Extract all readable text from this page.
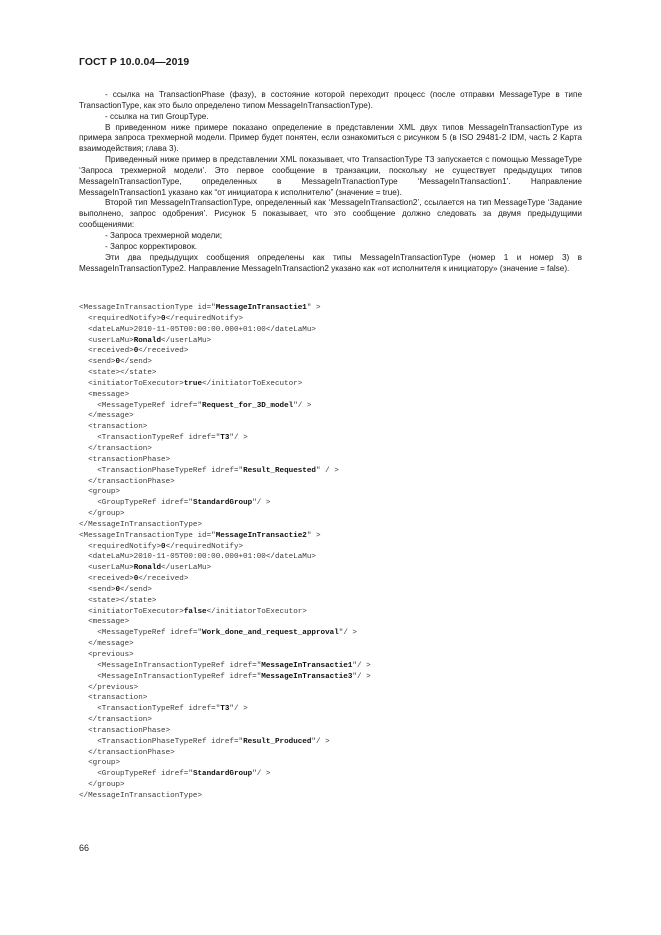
ГОСТ Р 10.0.04—2019

- ссылка на TransactionPhase (фазу), в состояние которой переходит процесс (после отправки MessageType в типе TransactionType, как это было определено типом MessageInTransactionType).

- ссылка на тип GroupType.

В приведенном ниже примере показано определение в представлении XML двух типов MessageInTransactionType из примера запроса трехмерной модели. Пример будет понятен, если ознакомиться с рисунком 5 (в ISO 29481-2 IDM, часть 2 Карта взаимодействия; глава 3).

Приведенный ниже пример в представлении XML показывает, что TransactionType T3 запускается с помощью MessageType ‘Запроса трехмерной модели’. Это первое сообщение в транзакции, поскольку не существует предыдущих типов MessageInTransactionType, определенных в MessageInTranactionType ‘MessageInTransaction1’. Направление MessageInTransaction1 указано как “от инициатора к исполнителю” (значение = true).

Второй тип MessageInTransactionType, определенный как ‘MessageInTransaction2’, ссылается на тип MessageType ‘Задание выполнено, запрос одобрения’. Рисунок 5 показывает, что это сообщение должно следовать за двумя предыдущими сообщениями:

- Запроса трехмерной модели;

- Запрос корректировок.

Эти два предыдущих сообщения определены как типы MessageInTransactionType (номер 1 и номер 3) в MessageInTransactionType2. Направление MessageInTransaction2 указано как «от исполнителя к инициатору» (значение = false).

<MessageInTransactionType id="MessageInTransactie1" >
<requiredNotify>0</requiredNotify>
<dateLaMu>2010-11-05T00:00:00.000+01:00</dateLaMu>
<userLaMu>Ronald</userLaMu>
<received>0</received>
<send>0</send>
<state></state>
<initiatorToExecutor>true</initiatorToExecutor>
<message>
<MessageTypeRef idref="Request_for_3D_model"/ >
</message>
<transaction>
<TransactionTypeRef idref="T3"/ >
</transaction>
<transactionPhase>
<TransactionPhaseTypeRef idref="Result_Requested" / >
</transactionPhase>
<group>
<GroupTypeRef idref="StandardGroup"/ >
</group>
</MessageInTransactionType>
<MessageInTransactionType id="MessageInTransactie2" >
<requiredNotify>0</requiredNotify>
<dateLaMu>2010-11-05T00:00:00.000+01:00</dateLaMu>
<userLaMu>Ronald</userLaMu>
<received>0</received>
<send>0</send>
<state></state>
<initiatorToExecutor>false</initiatorToExecutor>
<message>
<MessageTypeRef idref="Work_done_and_request_approval"/ >
</message>
<previous>
<MessageInTransactionTypeRef idref="MessageInTransactie1"/ >
<MessageInTransactionTypeRef idref="MessageInTransactie3"/ >
</previous>
<transaction>
<TransactionTypeRef idref="T3"/ >
</transaction>
<transactionPhase>
<TransactionPhaseTypeRef idref="Result_Produced"/ >
</transactionPhase>
<group>
<GroupTypeRef idref="StandardGroup"/ >
</group>
</MessageInTransactionType>
66
